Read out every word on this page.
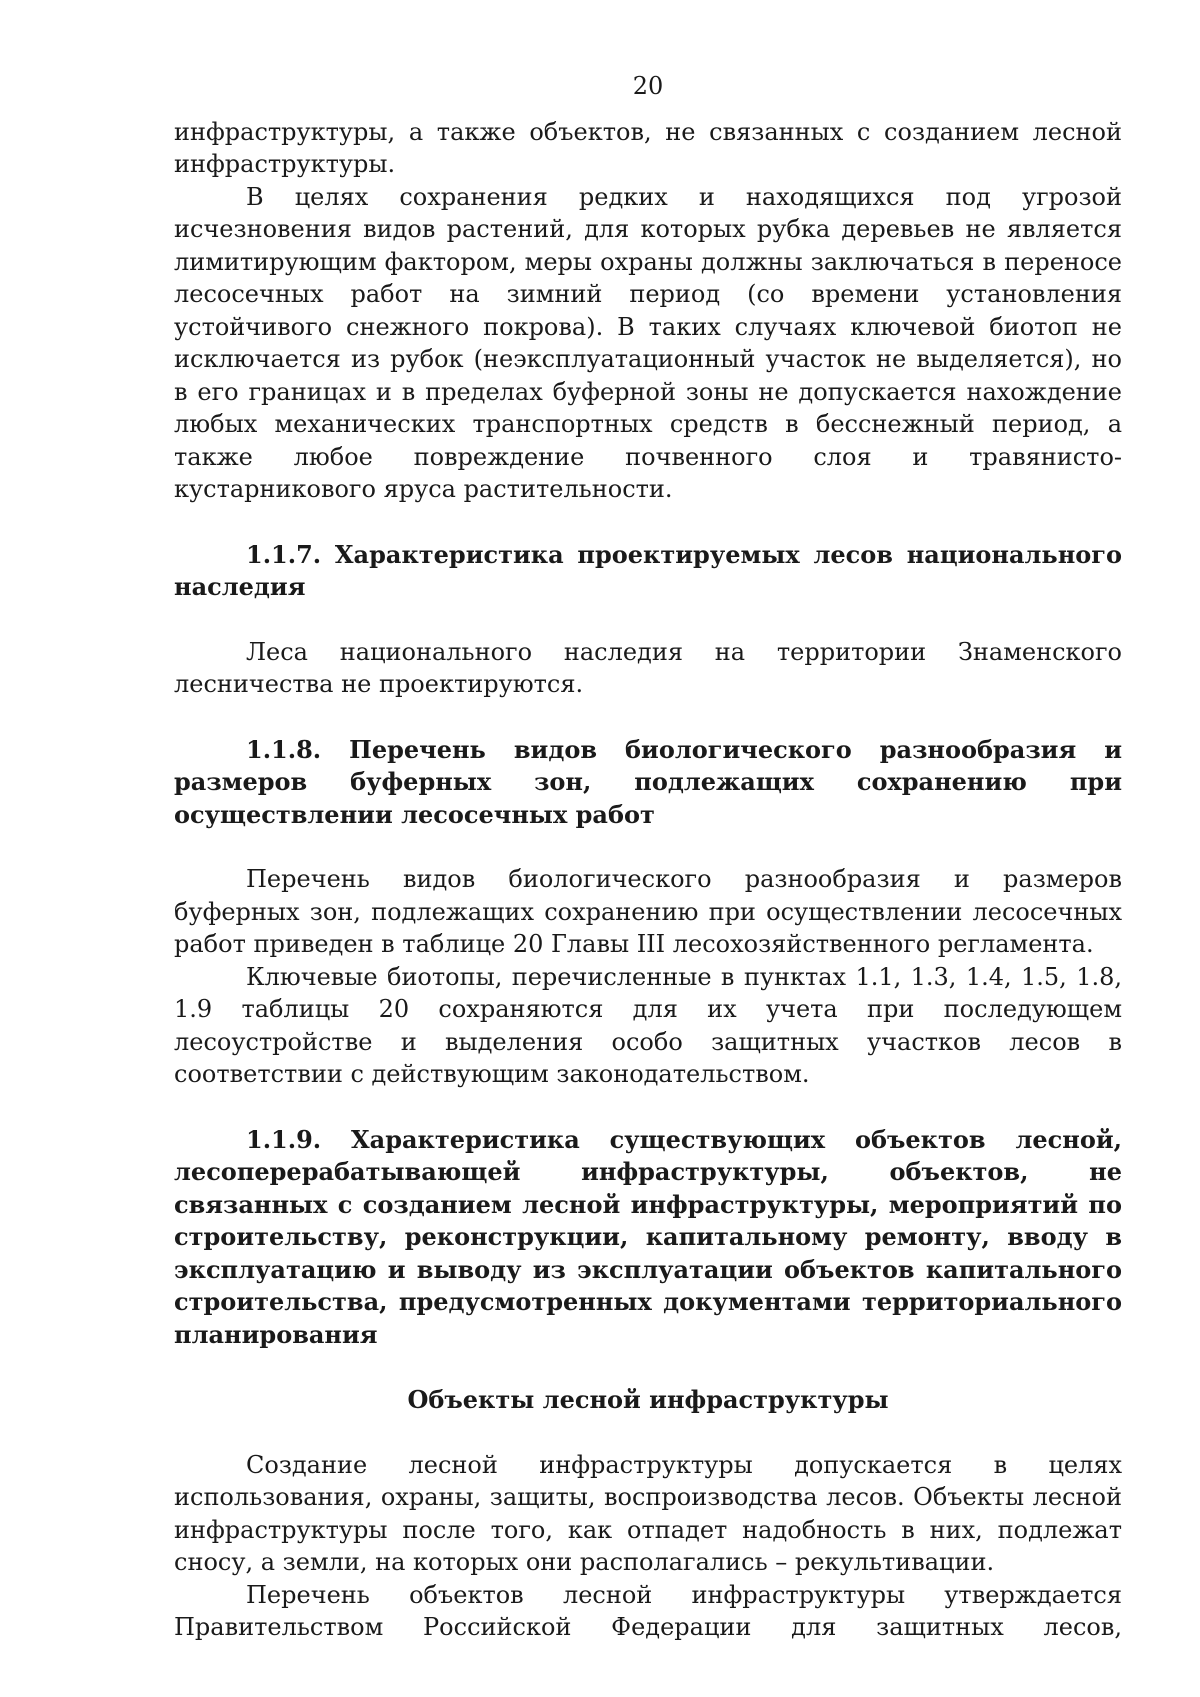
20

инфраструктуры, а также объектов, не связанных с созданием лесной инфраструктуры.

В целях сохранения редких и находящихся под угрозой исчезновения видов растений, для которых рубка деревьев не является лимитирующим фактором, меры охраны должны заключаться в переносе лесосечных работ на зимний период (со времени установления устойчивого снежного покрова). В таких случаях ключевой биотоп не исключается из рубок (неэксплуатационный участок не выделяется), но в его границах и в пределах буферной зоны не допускается нахождение любых механических транспортных средств в бесснежный период, а также любое повреждение почвенного слоя и травянисто-кустарникового яруса растительности.

1.1.7. Характеристика проектируемых лесов национального наследия

Леса национального наследия на территории Знаменского лесничества не проектируются.

1.1.8. Перечень видов биологического разнообразия и размеров буферных зон, подлежащих сохранению при осуществлении лесосечных работ

Перечень видов биологического разнообразия и размеров буферных зон, подлежащих сохранению при осуществлении лесосечных работ приведен в таблице 20 Главы III лесохозяйственного регламента.

Ключевые биотопы, перечисленные в пунктах 1.1, 1.3, 1.4, 1.5, 1.8, 1.9 таблицы 20 сохраняются для их учета при последующем лесоустройстве и выделения особо защитных участков лесов в соответствии с действующим законодательством.

1.1.9. Характеристика существующих объектов лесной, лесоперерабатывающей инфраструктуры, объектов, не связанных с созданием лесной инфраструктуры, мероприятий по строительству, реконструкции, капитальному ремонту, вводу в эксплуатацию и выводу из эксплуатации объектов капитального строительства, предусмотренных документами территориального планирования

Объекты лесной инфраструктуры

Создание лесной инфраструктуры допускается в целях использования, охраны, защиты, воспроизводства лесов. Объекты лесной инфраструктуры после того, как отпадет надобность в них, подлежат сносу, а земли, на которых они располагались – рекультивации.

Перечень объектов лесной инфраструктуры утверждается Правительством Российской Федерации для защитных лесов,
